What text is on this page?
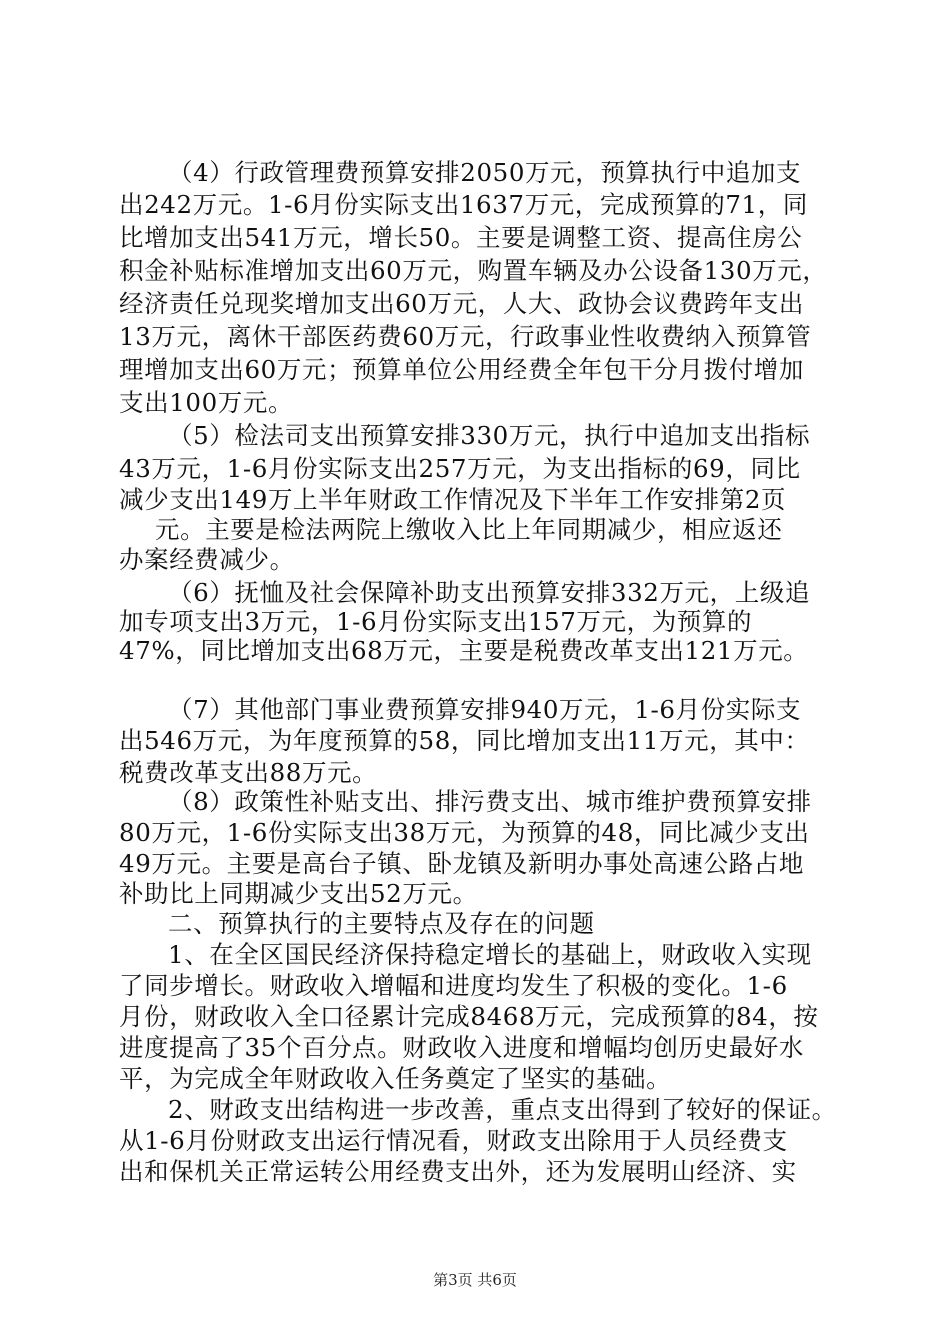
（4）行政管理费预算安排2050万元，预算执行中追加支
出242万元。1-6月份实际支出1637万元，完成预算的71，同
比增加支出541万元，增长50。主要是调整工资、提高住房公
积金补贴标准增加支出60万元，购置车辆及办公设备130万元，
经济责任兑现奖增加支出60万元，人大、政协会议费跨年支出
13万元，离休干部医药费60万元，行政事业性收费纳入预算管
理增加支出60万元；预算单位公用经费全年包干分月拨付增加
支出100万元。
（5）检法司支出预算安排330万元，执行中追加支出指标
43万元，1-6月份实际支出257万元，为支出指标的69，同比
减少支出149万上半年财政工作情况及下半年工作安排第2页
元。主要是检法两院上缴收入比上年同期减少，相应返还
办案经费减少。
（6）抚恤及社会保障补助支出预算安排332万元，上级追
加专项支出3万元，1-6月份实际支出157万元，为预算的
47%，同比增加支出68万元，主要是税费改革支出121万元。
（7）其他部门事业费预算安排940万元，1-6月份实际支
出546万元，为年度预算的58，同比增加支出11万元，其中：
税费改革支出88万元。
（8）政策性补贴支出、排污费支出、城市维护费预算安排
80万元，1-6份实际支出38万元，为预算的48，同比减少支出
49万元。主要是高台子镇、卧龙镇及新明办事处高速公路占地
补助比上同期减少支出52万元。
二、预算执行的主要特点及存在的问题
1、在全区国民经济保持稳定增长的基础上，财政收入实现
了同步增长。财政收入增幅和进度均发生了积极的变化。1-6
月份，财政收入全口径累计完成8468万元，完成预算的84，按
进度提高了35个百分点。财政收入进度和增幅均创历史最好水
平，为完成全年财政收入任务奠定了坚实的基础。
2、财政支出结构进一步改善，重点支出得到了较好的保证。
从1-6月份财政支出运行情况看，财政支出除用于人员经费支
出和保机关正常运转公用经费支出外，还为发展明山经济、实
第3页 共6页
